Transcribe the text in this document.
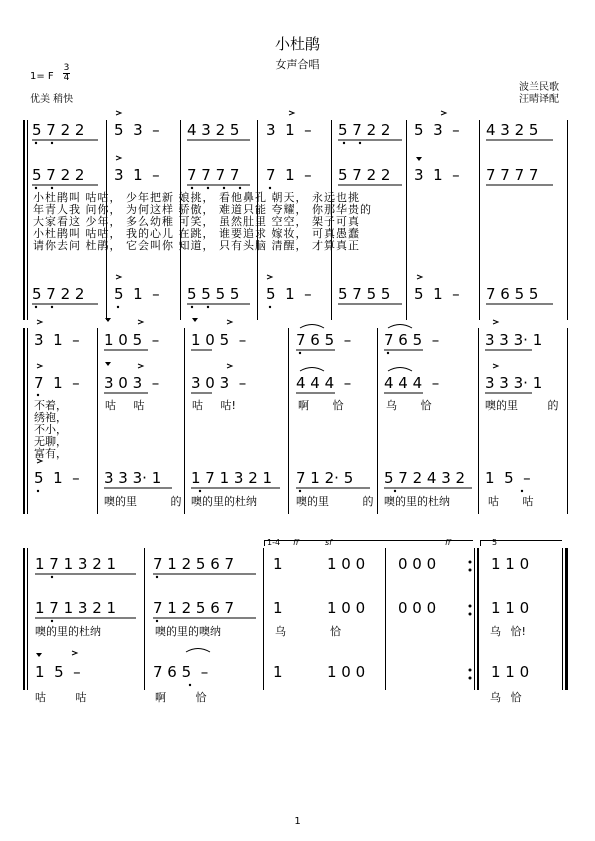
小杜鹃
女声合唱
1= F
3
4
优美 稍快
波兰民歌
汪晴译配
5 7 2 2 5  3  – 4 3 2 5 3  1  – 5 7 2 2 5  3  – 4 3 2 5
5 7 2 2 3  1  – 7 7 7 7 7  1  – 5 7 2 2 3  1  – 7 7 7 7
小杜鹃叫 咕咕， 少年把新 娘挑， 看他鼻孔 朝天， 永远也挑
年青人我 问你， 为何这样 骄傲， 难道只能 夸耀， 你那华贵的
大家看这 少年， 多么幼稚 可笑， 虽然肚里 空空， 架子可真
小杜鹃叫 咕咕， 我的心儿 在跳， 谁要追求 嫁妆， 可真愚蠢
请你去问 杜鹃， 它会叫你 知道， 只有头脑 清醒， 才算真正
5 7 2 2 5  1  – 5 5 5 5 5  1  – 5 7 5 5 5  1  – 7 6 5 5
3  1  – 1 0 5  – 1 0 5  –	7 6 5  – 7 6 5  –	3 3 3· 1
7  1  – 3 0 3  – 3 0 3  –	4 4 4  – 4 4 4  –	3 3 3· 1
不着，
绣袍，
不小，
无聊，
富有，
咕 咕	咕 咕!	啊 恰	乌 恰	噢的里 的
5  1  – 3 3 3· 1 1 7 1 3 2 1 7 1 2· 5 5 7 2 4 3 2 1  5  –
噢的里 的 噢的里的杜纳	噢的里 的 噢的里的杜纳	咕 咕
1-4 ff	sf	ff	5
1 7 1 3 2 1 7 1 2 5 6 7	1	1 0 0 0 0 0	1 1 0
1 7 1 3 2 1 7 1 2 5 6 7	1	1 0 0 0 0 0	1 1 0
噢的里的杜纳	噢的里的噢纳	乌	恰	乌 恰!
1  5  –	7 6 5  –	1	1 0 0	1 1 0
咕 咕	啊 恰	乌 恰
1
